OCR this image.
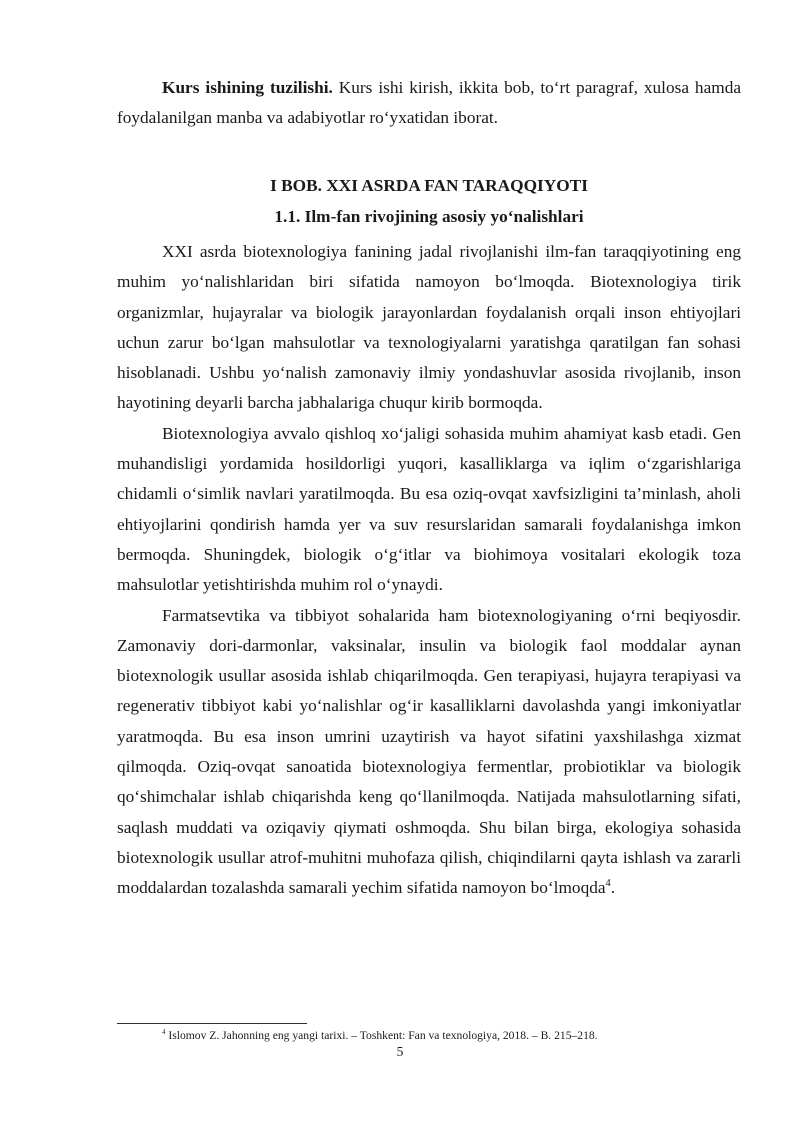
Kurs ishining tuzilishi. Kurs ishi kirish, ikkita bob, to‘rt paragraf, xulosa hamda foydalanilgan manba va adabiyotlar ro‘yxatidan iborat.

I BOB. XXI ASRDA FAN TARAQQIYOTI
1.1. Ilm-fan rivojining asosiy yo‘nalishlari

XXI asrda biotexnologiya fanining jadal rivojlanishi ilm-fan taraqqiyotining eng muhim yo‘nalishlaridan biri sifatida namoyon bo‘lmoqda. Biotexnologiya tirik organizmlar, hujayralar va biologik jarayonlardan foydalanish orqali inson ehtiyojlari uchun zarur bo‘lgan mahsulotlar va texnologiyalarni yaratishga qaratilgan fan sohasi hisoblanadi. Ushbu yo‘nalish zamonaviy ilmiy yondashuvlar asosida rivojlanib, inson hayotining deyarli barcha jabhalariga chuqur kirib bormoqda.

Biotexnologiya avvalo qishloq xo‘jaligi sohasida muhim ahamiyat kasb etadi. Gen muhandisligi yordamida hosildorligi yuqori, kasalliklarga va iqlim o‘zgarishlariga chidamli o‘simlik navlari yaratilmoqda. Bu esa oziq-ovqat xavfsizligini ta’minlash, aholi ehtiyojlarini qondirish hamda yer va suv resurslaridan samarali foydalanishga imkon bermoqda. Shuningdek, biologik o‘g‘itlar va biohimoya vositalari ekologik toza mahsulotlar yetishtirishda muhim rol o‘ynaydi.

Farmatsevtika va tibbiyot sohalarida ham biotexnologiyaning o‘rni beqiyosdir. Zamonaviy dori-darmonlar, vaksinalar, insulin va biologik faol moddalar aynan biotexnologik usullar asosida ishlab chiqarilmoqda. Gen terapiyasi, hujayra terapiyasi va regenerativ tibbiyot kabi yo‘nalishlar og‘ir kasalliklarni davolashda yangi imkoniyatlar yaratmoqda. Bu esa inson umrini uzaytirish va hayot sifatini yaxshilashga xizmat qilmoqda. Oziq-ovqat sanoatida biotexnologiya fermentlar, probiotiklar va biologik qo‘shimchalar ishlab chiqarishda keng qo‘llanilmoqda. Natijada mahsulotlarning sifati, saqlash muddati va oziqaviy qiymati oshmoqda. Shu bilan birga, ekologiya sohasida biotexnologik usullar atrof-muhitni muhofaza qilish, chiqindilarni qayta ishlash va zararli moddalardan tozalashda samarali yechim sifatida namoyon bo‘lmoqda$^4$.

$^4$ Islomov Z. Jahonning eng yangi tarixi. – Toshkent: Fan va texnologiya, 2018. – B. 215–218.

5
